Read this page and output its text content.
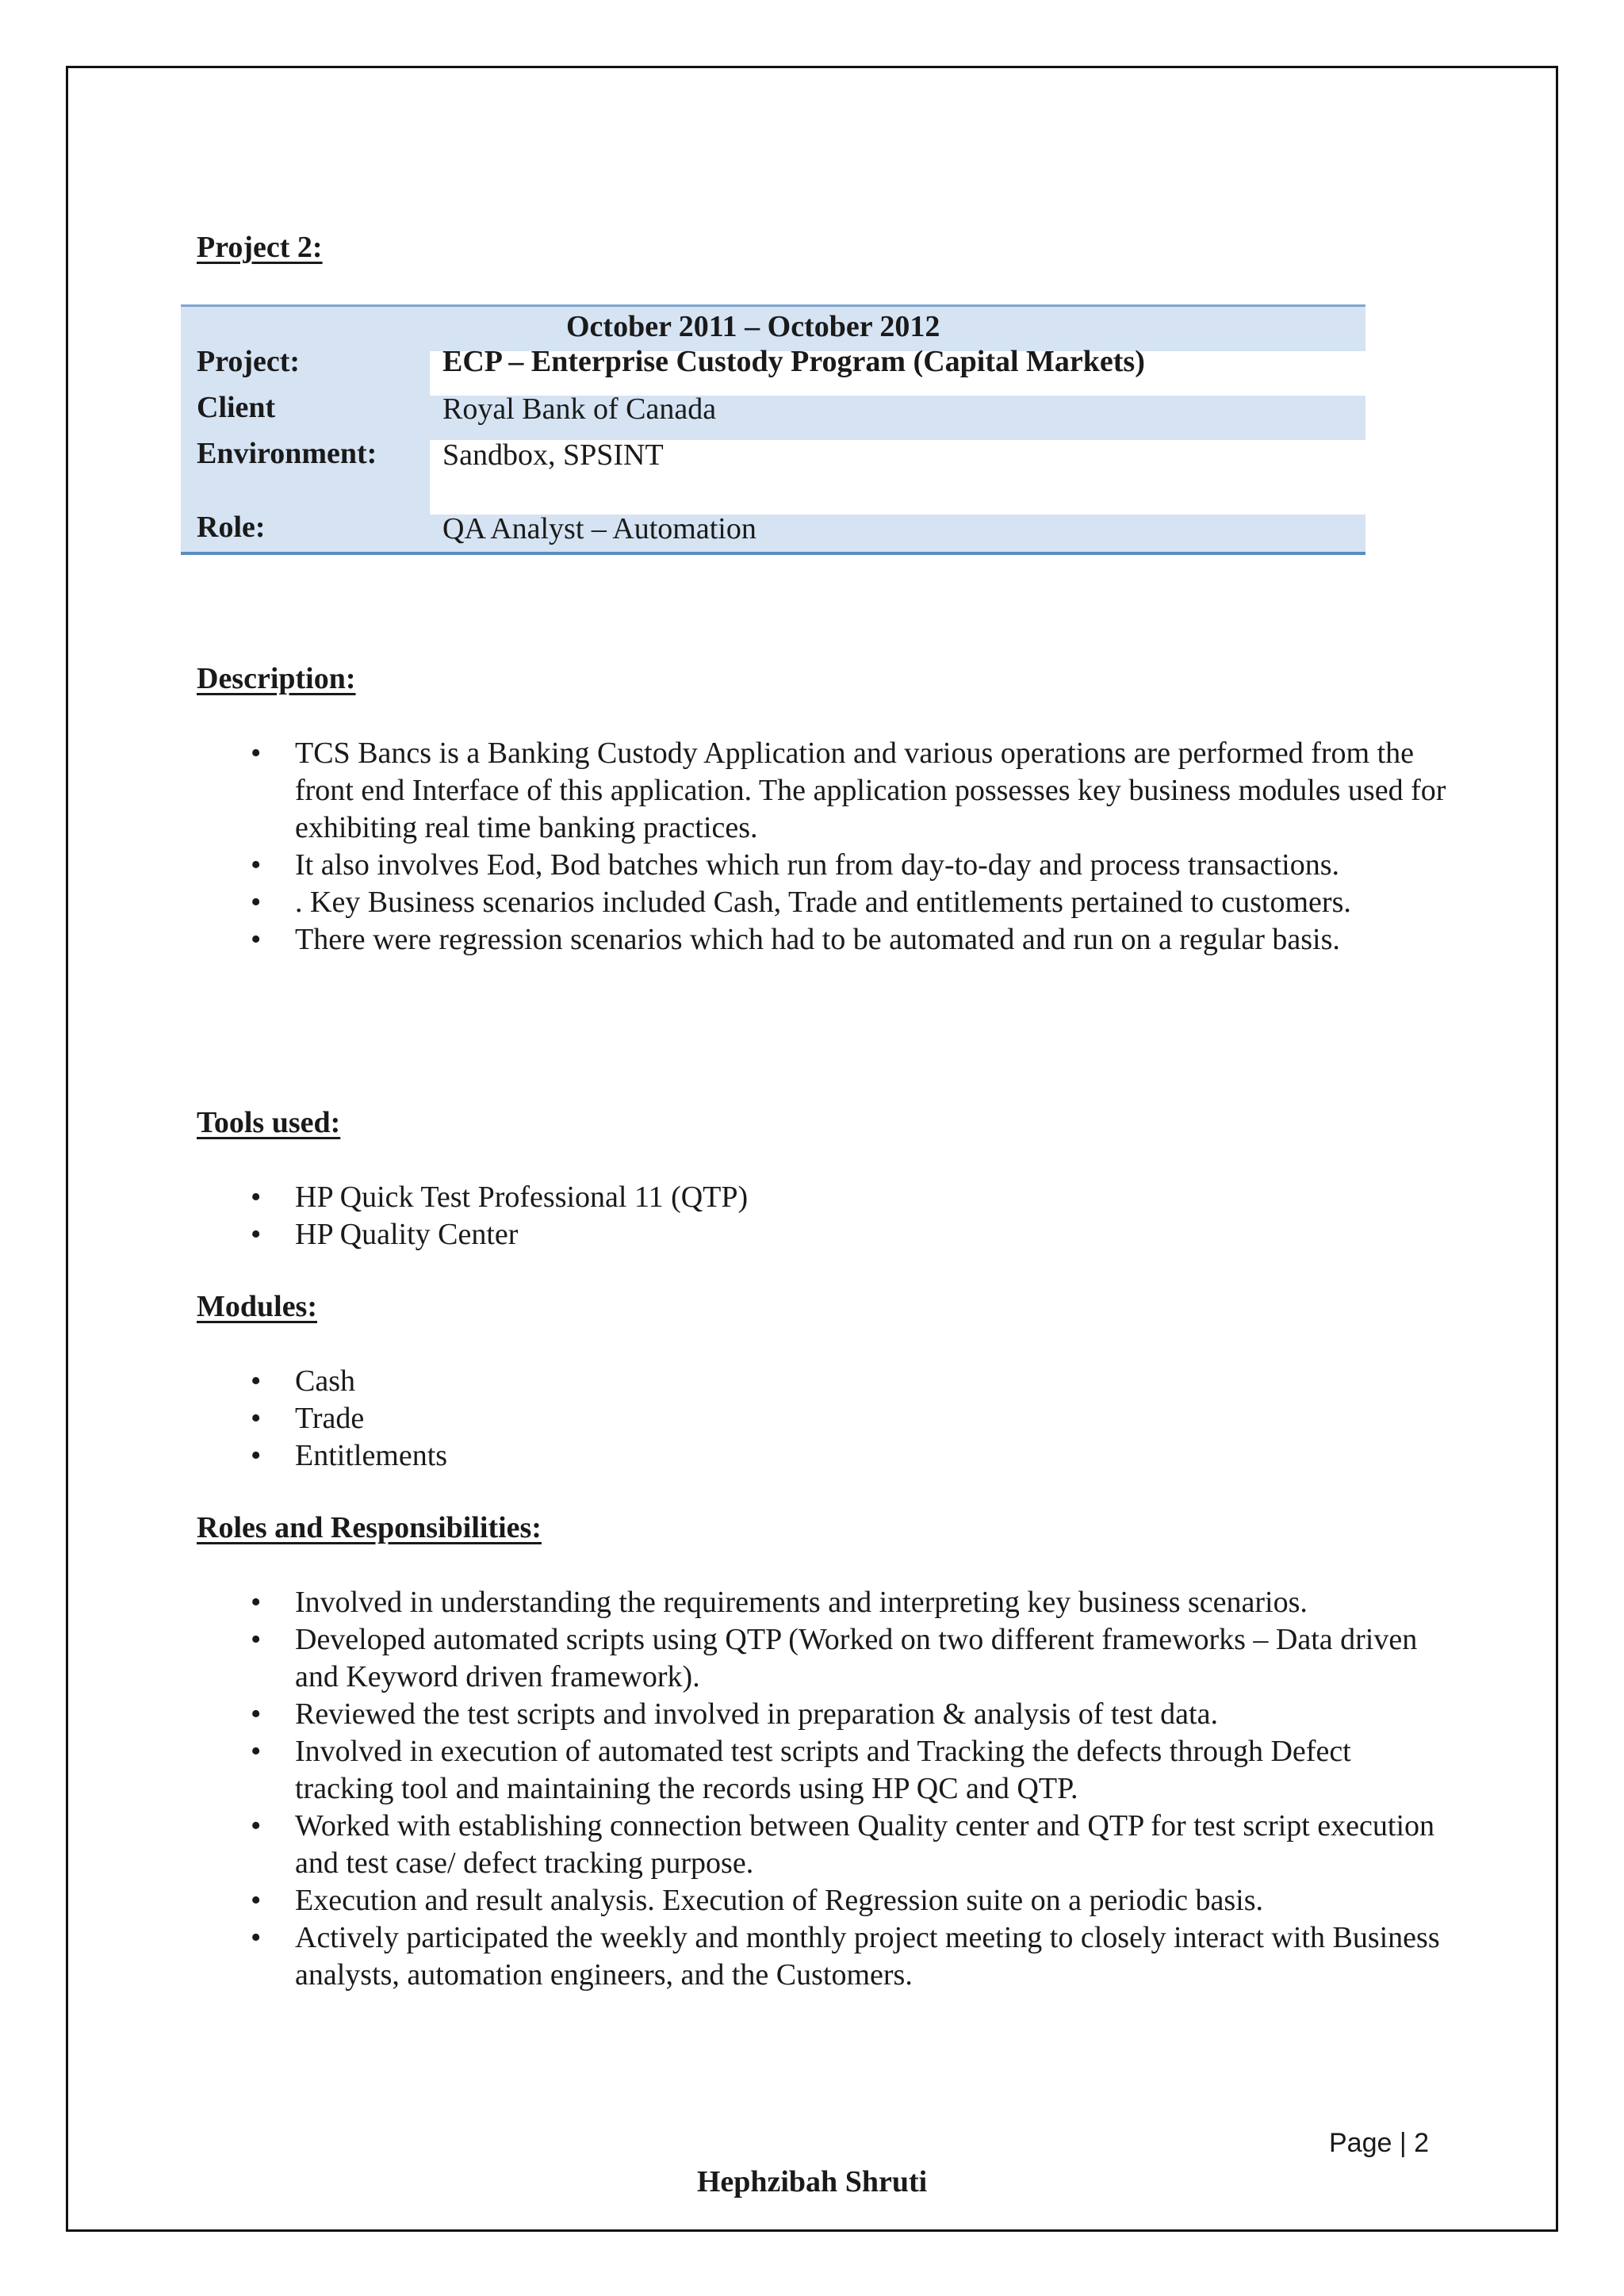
Project 2:
October 2011 – October 2012
Project:	ECP – Enterprise Custody Program (Capital Markets)
Client	Royal Bank of Canada
Environment: Sandbox, SPSINT
Role:	QA Analyst – Automation
Description:
• TCS Bancs is a Banking Custody Application and various operations are performed from the front end Interface of this application. The application possesses key business modules used for exhibiting real time banking practices.
• It also involves Eod, Bod batches which run from day-to-day and process transactions.
• . Key Business scenarios included Cash, Trade and entitlements pertained to customers.
• There were regression scenarios which had to be automated and run on a regular basis.
Tools used:
• HP Quick Test Professional 11 (QTP)
• HP Quality Center
Modules:
• Cash
• Trade
• Entitlements
Roles and Responsibilities:
• Involved in understanding the requirements and interpreting key business scenarios.
• Developed automated scripts using QTP (Worked on two different frameworks – Data driven and Keyword driven framework).
• Reviewed the test scripts and involved in preparation & analysis of test data.
• Involved in execution of automated test scripts and Tracking the defects through Defect tracking tool and maintaining the records using HP QC and QTP.
• Worked with establishing connection between Quality center and QTP for test script execution and test case/ defect tracking purpose.
• Execution and result analysis. Execution of Regression suite on a periodic basis.
• Actively participated the weekly and monthly project meeting to closely interact with Business analysts, automation engineers, and the Customers.
Page | 2
Hephzibah Shruti
